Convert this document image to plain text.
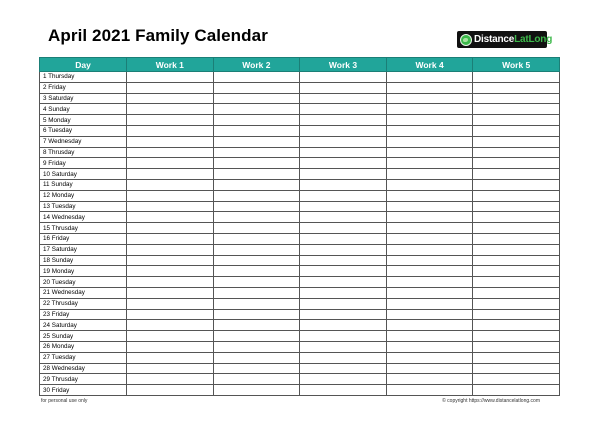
April 2021 Family Calendar	DistanceLatLong
Day	Work 1	Work 2	Work 3	Work 4	Work 5
1 Thursday					
2 Friday					
3 Saturday					
4 Sunday					
5 Monday					
6 Tuesday					
7 Wednesday					
8 Thrusday					
9 Friday					
10 Saturday					
11 Sunday					
12 Monday					
13 Tuesday					
14 Wednesday					
15 Thrusday					
16 Friday					
17 Saturday					
18 Sunday					
19 Monday					
20 Tuesday					
21 Wednesday					
22 Thrusday					
23 Friday					
24 Saturday					
25 Sunday					
26 Monday					
27 Tuesday					
28 Wednesday					
29 Thrusday					
30 Friday					
for personal use only	© copyright https://www.distancelatlong.com
